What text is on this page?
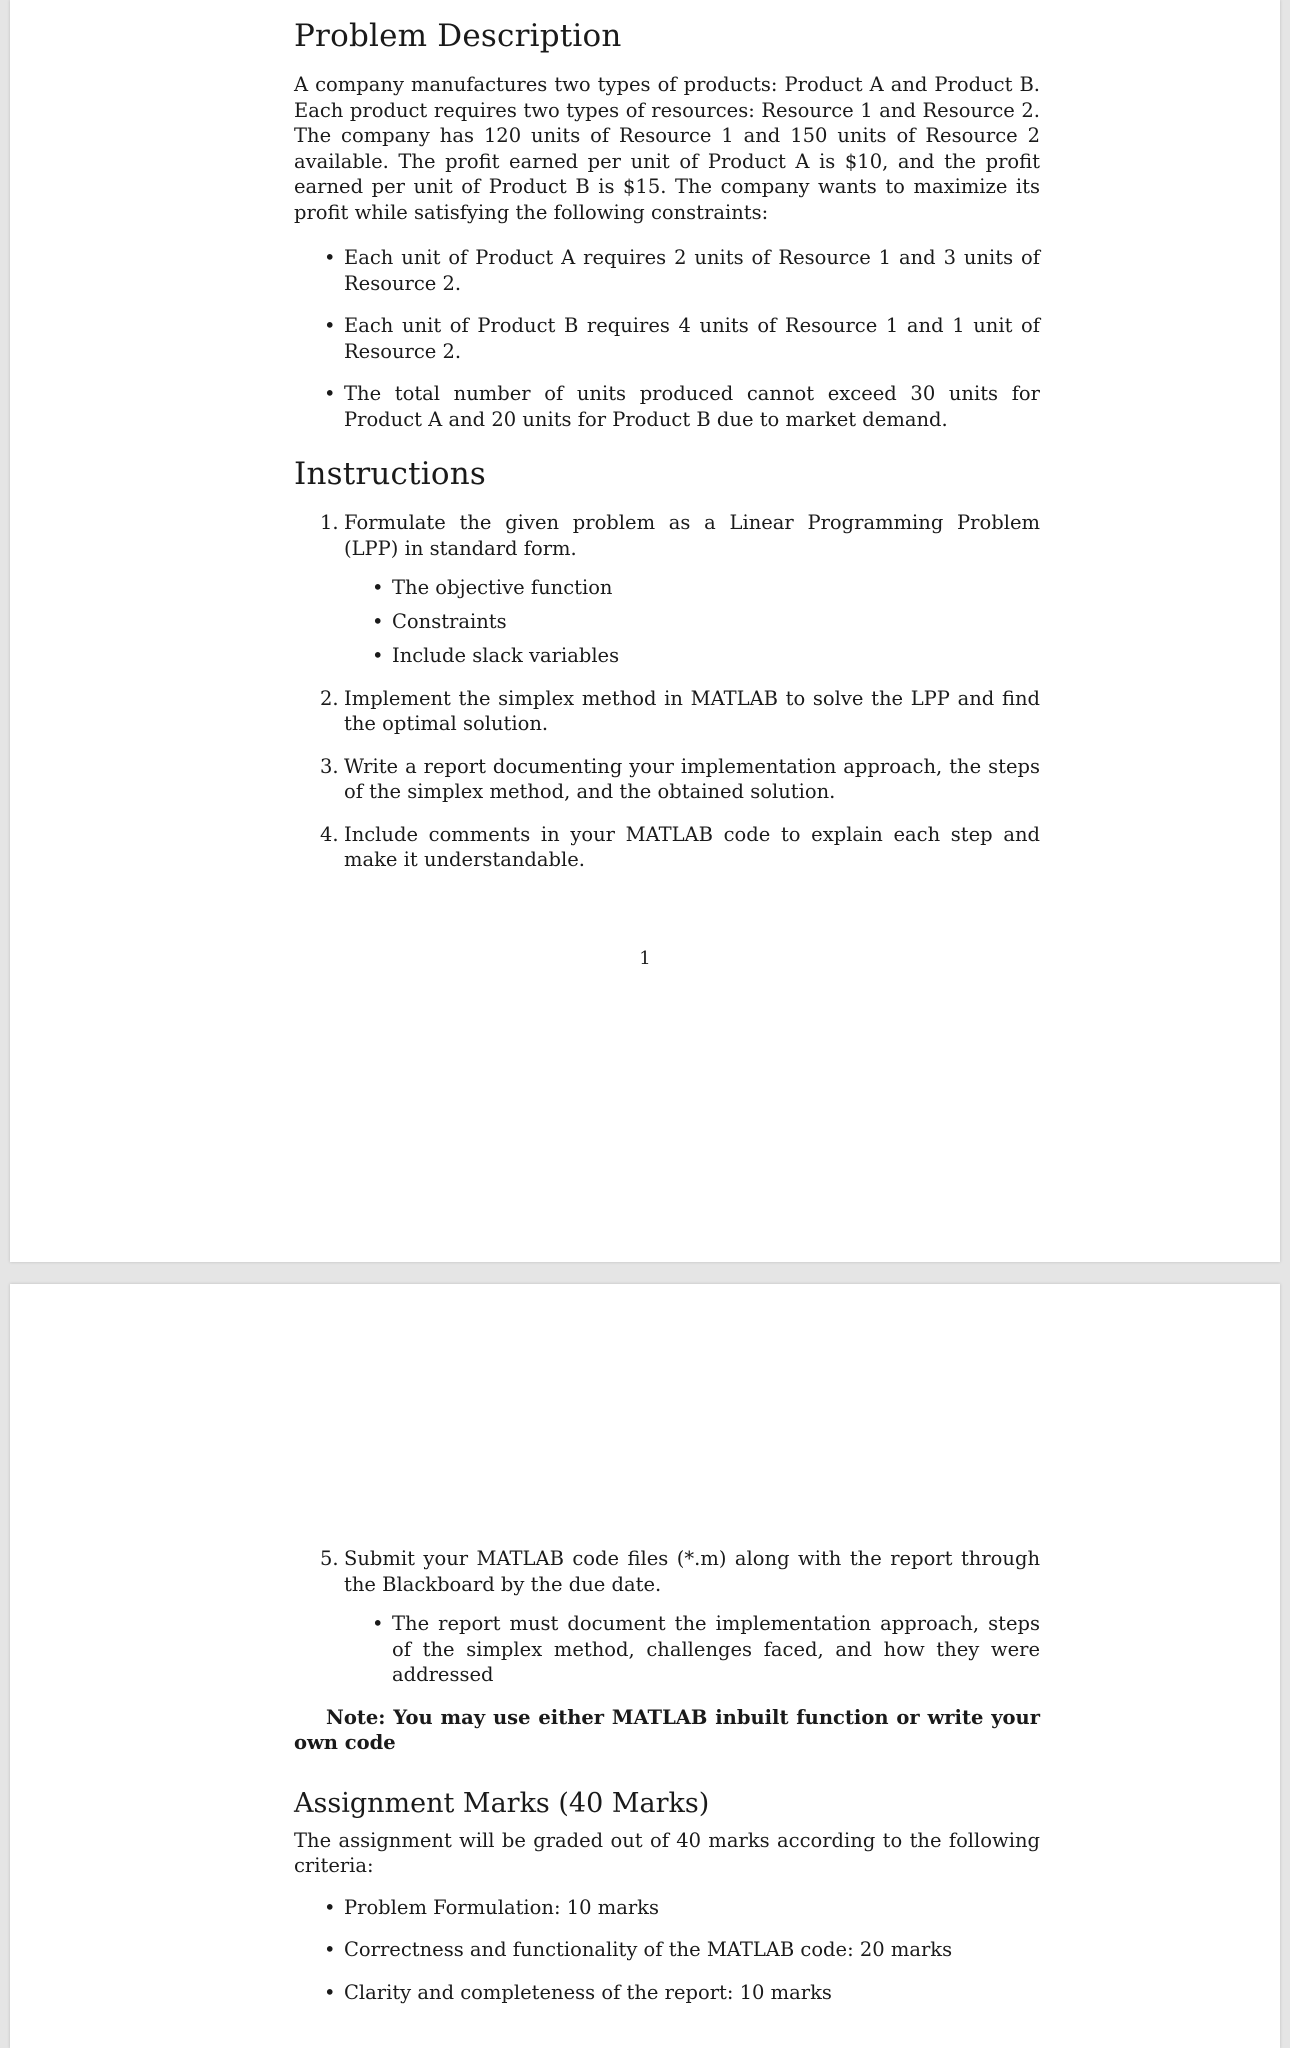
Problem Description

A company manufactures two types of products: Product A and Product B. Each product requires two types of resources: Resource 1 and Resource 2. The company has 120 units of Resource 1 and 150 units of Resource 2 available. The profit earned per unit of Product A is $10, and the profit earned per unit of Product B is $15. The company wants to maximize its profit while satisfying the following constraints:

• Each unit of Product A requires 2 units of Resource 1 and 3 units of Resource 2.
• Each unit of Product B requires 4 units of Resource 1 and 1 unit of Resource 2.
• The total number of units produced cannot exceed 30 units for Product A and 20 units for Product B due to market demand.
Instructions
1. Formulate the given problem as a Linear Programming Problem (LPP) in standard form.
• The objective function
• Constraints
• Include slack variables
2. Implement the simplex method in MATLAB to solve the LPP and find the optimal solution.
3. Write a report documenting your implementation approach, the steps of the simplex method, and the obtained solution.
4. Include comments in your MATLAB code to explain each step and make it understandable.
1
5. Submit your MATLAB code files (*.m) along with the report through the Blackboard by the due date.
• The report must document the implementation approach, steps of the simplex method, challenges faced, and how they were addressed

Note: You may use either MATLAB inbuilt function or write your own code

Assignment Marks (40 Marks)

The assignment will be graded out of 40 marks according to the following criteria:

• Problem Formulation: 10 marks
• Correctness and functionality of the MATLAB code: 20 marks
• Clarity and completeness of the report: 10 marks
